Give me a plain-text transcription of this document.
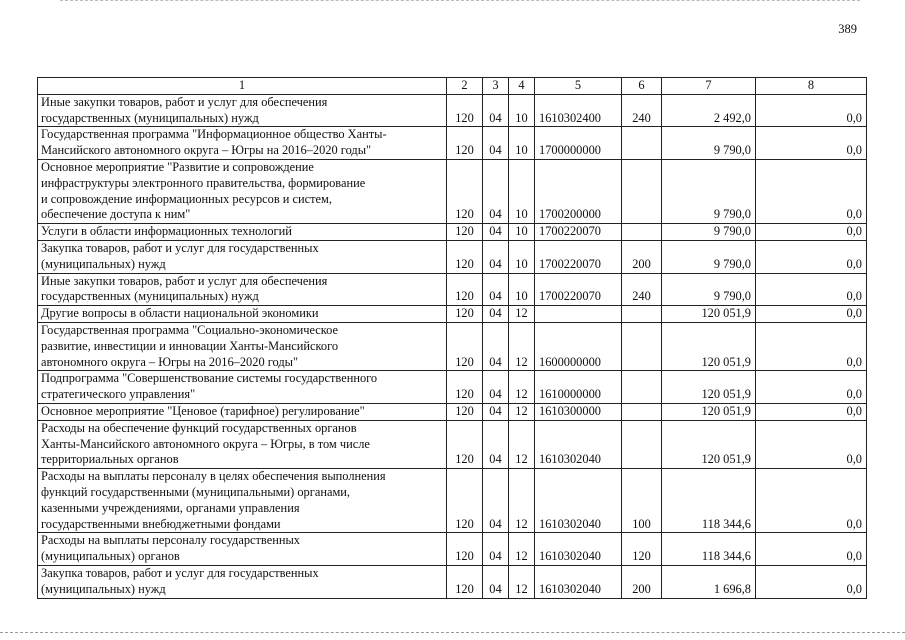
389
1	2	3	4	5	6	7	8
Иные закупки товаров, работ и услуг для обеспечения
государственных (муниципальных) нужд	120	04	10	1610302400	240	2 492,0	0,0
Государственная программа "Информационное общество Ханты-
Мансийского автономного округа – Югры на 2016–2020 годы"	120	04	10	1700000000		9 790,0	0,0
Основное мероприятие "Развитие и сопровождение
инфраструктуры электронного правительства, формирование
и сопровождение информационных ресурсов и систем,
обеспечение доступа к ним"	120	04	10	1700200000		9 790,0	0,0
Услуги в области информационных технологий	120	04	10	1700220070		9 790,0	0,0
Закупка товаров, работ и услуг для государственных
(муниципальных) нужд	120	04	10	1700220070	200	9 790,0	0,0
Иные закупки товаров, работ и услуг для обеспечения
государственных (муниципальных) нужд	120	04	10	1700220070	240	9 790,0	0,0
Другие вопросы в области национальной экономики	120	04	12			120 051,9	0,0
Государственная программа "Социально-экономическое
развитие, инвестиции и инновации Ханты-Мансийского
автономного округа – Югры на 2016–2020 годы"	120	04	12	1600000000		120 051,9	0,0
Подпрограмма "Совершенствование системы государственного
стратегического управления"	120	04	12	1610000000		120 051,9	0,0
Основное мероприятие "Ценовое (тарифное) регулирование"	120	04	12	1610300000		120 051,9	0,0
Расходы на обеспечение функций государственных органов
Ханты-Мансийского автономного округа – Югры, в том числе
территориальных органов	120	04	12	1610302040		120 051,9	0,0
Расходы на выплаты персоналу в целях обеспечения выполнения
функций государственными (муниципальными) органами,
казенными учреждениями, органами управления
государственными внебюджетными фондами	120	04	12	1610302040	100	118 344,6	0,0
Расходы на выплаты персоналу государственных
(муниципальных) органов	120	04	12	1610302040	120	118 344,6	0,0
Закупка товаров, работ и услуг для государственных
(муниципальных) нужд	120	04	12	1610302040	200	1 696,8	0,0
